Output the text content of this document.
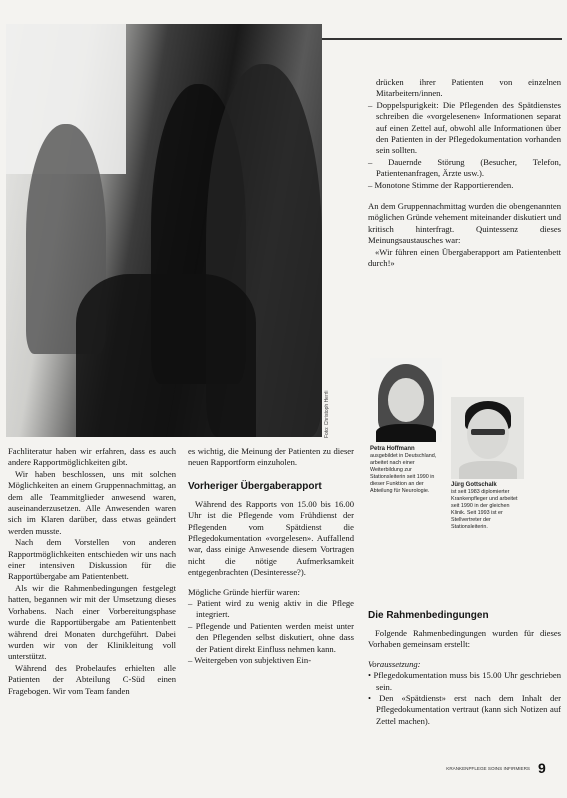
Foto: Christoph Herrli

Fachliteratur haben wir erfahren, dass es auch andere Rapportmöglichkeiten gibt.

Wir haben beschlossen, uns mit solchen Möglichkeiten an einem Gruppennachmittag, an dem alle Teammitglieder anwesend waren, auseinanderzusetzen. Alle Anwesenden waren sich im Klaren darüber, dass etwas geändert werden musste.

Nach dem Vorstellen von anderen Rapportmöglichkeiten entschieden wir uns nach einer intensiven Diskussion für die Rapportübergabe am Patientenbett.

Als wir die Rahmenbedingungen festgelegt hatten, begannen wir mit der Umsetzung dieses Vorhabens. Nach einer Vorbereitungsphase wurde die Rapportübergabe am Patientenbett während drei Monaten durchgeführt. Dabei wurden wir von der Klinikleitung voll unterstützt.

Während des Probelaufes erhielten alle Patienten der Abteilung C-Süd einen Fragebogen. Wir vom Team fanden

es wichtig, die Meinung der Patienten zu dieser neuen Rapportform einzuholen.

Vorheriger Übergaberapport

Während des Rapports von 15.00 bis 16.00 Uhr ist die Pflegende vom Frühdienst der Pflegenden vom Spätdienst die Pflegedokumentation «vorgelesen». Auffallend war, dass einige Anwesende diesem Vortragen nicht die nötige Aufmerksamkeit entgegenbrachten (Desinteresse?).

Mögliche Gründe hierfür waren:

– Patient wird zu wenig aktiv in die Pflege integriert.
– Pflegende und Patienten werden meist unter den Pflegenden selbst diskutiert, ohne dass der Patient direkt Einfluss nehmen kann.
– Weitergeben von subjektiven Ein-
drücken ihrer Patienten von einzelnen Mitarbeitern/innen.
– Doppelspurigkeit: Die Pflegenden des Spätdienstes schreiben die «vorgelesenen» Informationen separat auf einen Zettel auf, obwohl alle Informationen über den Patienten in der Pflegedokumentation vorhanden sein sollten.
– Dauernde Störung (Besucher, Telefon, Patientenanfragen, Ärzte usw.).
– Monotone Stimme der Rapportierenden.

An dem Gruppennachmittag wurden die obengenannten möglichen Gründe vehement miteinander diskutiert und kritisch hinterfragt. Quintessenz dieses Meinungsaustausches war:

«Wir führen einen Übergaberapport am Patientenbett durch!»

Petra Hoffmann
ausgebildet in Deutschland, arbeitet nach einer Weiterbildung zur Stationsleiterin seit 1990 in dieser Funktion an der Abteilung für Neurologie.
Jürg Gottschalk
ist seit 1983 diplomierter Krankenpfleger und arbeitet seit 1990 in der gleichen Klinik. Seit 1993 ist er Stellvertreter der Stationsleiterin.
Die Rahmenbedingungen

Folgende Rahmenbedingungen wurden für dieses Vorhaben gemeinsam erstellt:

Voraussetzung:

• Pflegedokumentation muss bis 15.00 Uhr geschrieben sein.
• Den «Spätdienst» erst nach dem Inhalt der Pflegedokumentation vertraut (kann sich Notizen auf Zettel machen).
KRANKENPFLEGE SOINS INFIRMIERS 9
